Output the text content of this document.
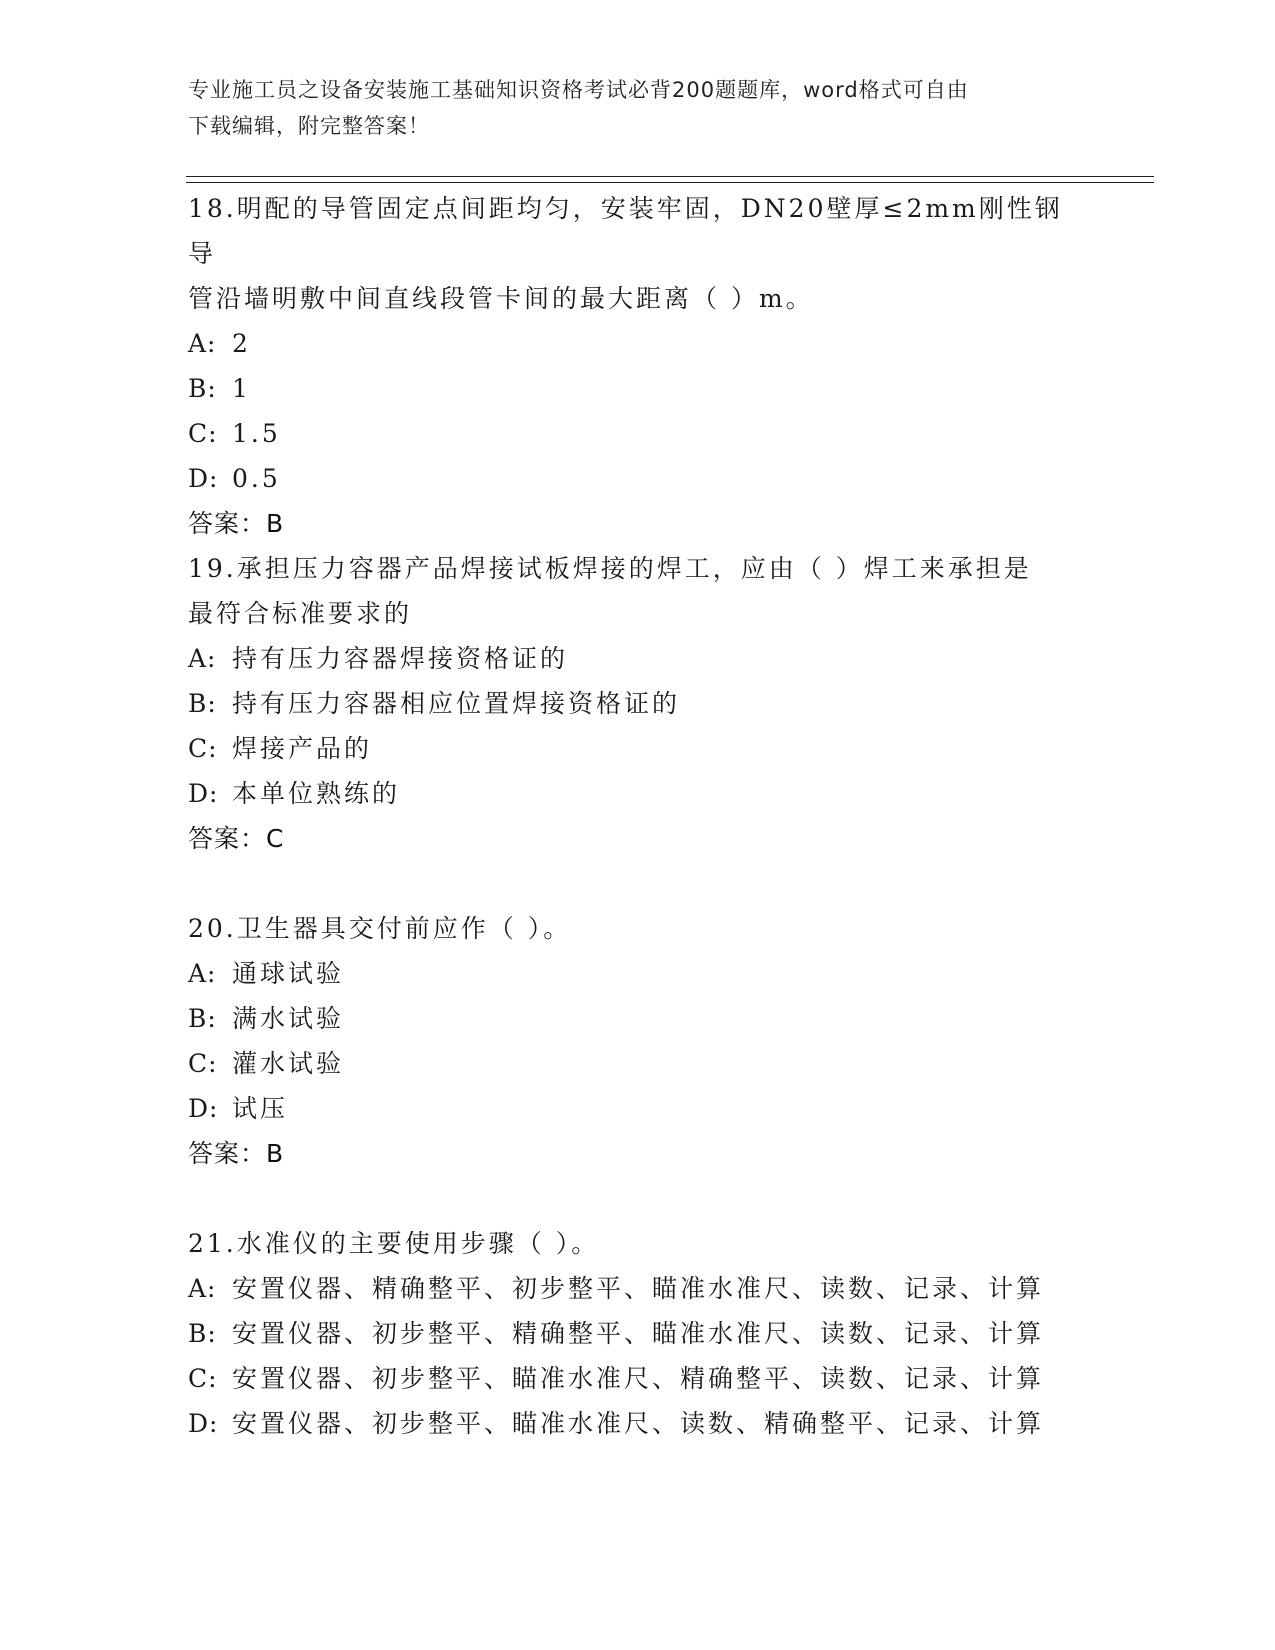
专业施工员之设备安装施工基础知识资格考试必背200题题库，word格式可自由
下载编辑，附完整答案！

18.明配的导管固定点间距均匀，安装牢固，DN20壁厚≤2mm刚性钢导

管沿墙明敷中间直线段管卡间的最大距离（ ）m。

A: 2

B: 1

C: 1.5

D: 0.5

答案：B

19.承担压力容器产品焊接试板焊接的焊工，应由（ ）焊工来承担是

最符合标准要求的

A: 持有压力容器焊接资格证的

B: 持有压力容器相应位置焊接资格证的

C: 焊接产品的

D: 本单位熟练的

答案：C

20.卫生器具交付前应作（ ）。

A: 通球试验

B: 满水试验

C: 灌水试验

D: 试压

答案：B

21.水准仪的主要使用步骤（ ）。

A: 安置仪器、精确整平、初步整平、瞄准水准尺、读数、记录、计算

B: 安置仪器、初步整平、精确整平、瞄准水准尺、读数、记录、计算

C: 安置仪器、初步整平、瞄准水准尺、精确整平、读数、记录、计算

D: 安置仪器、初步整平、瞄准水准尺、读数、精确整平、记录、计算
